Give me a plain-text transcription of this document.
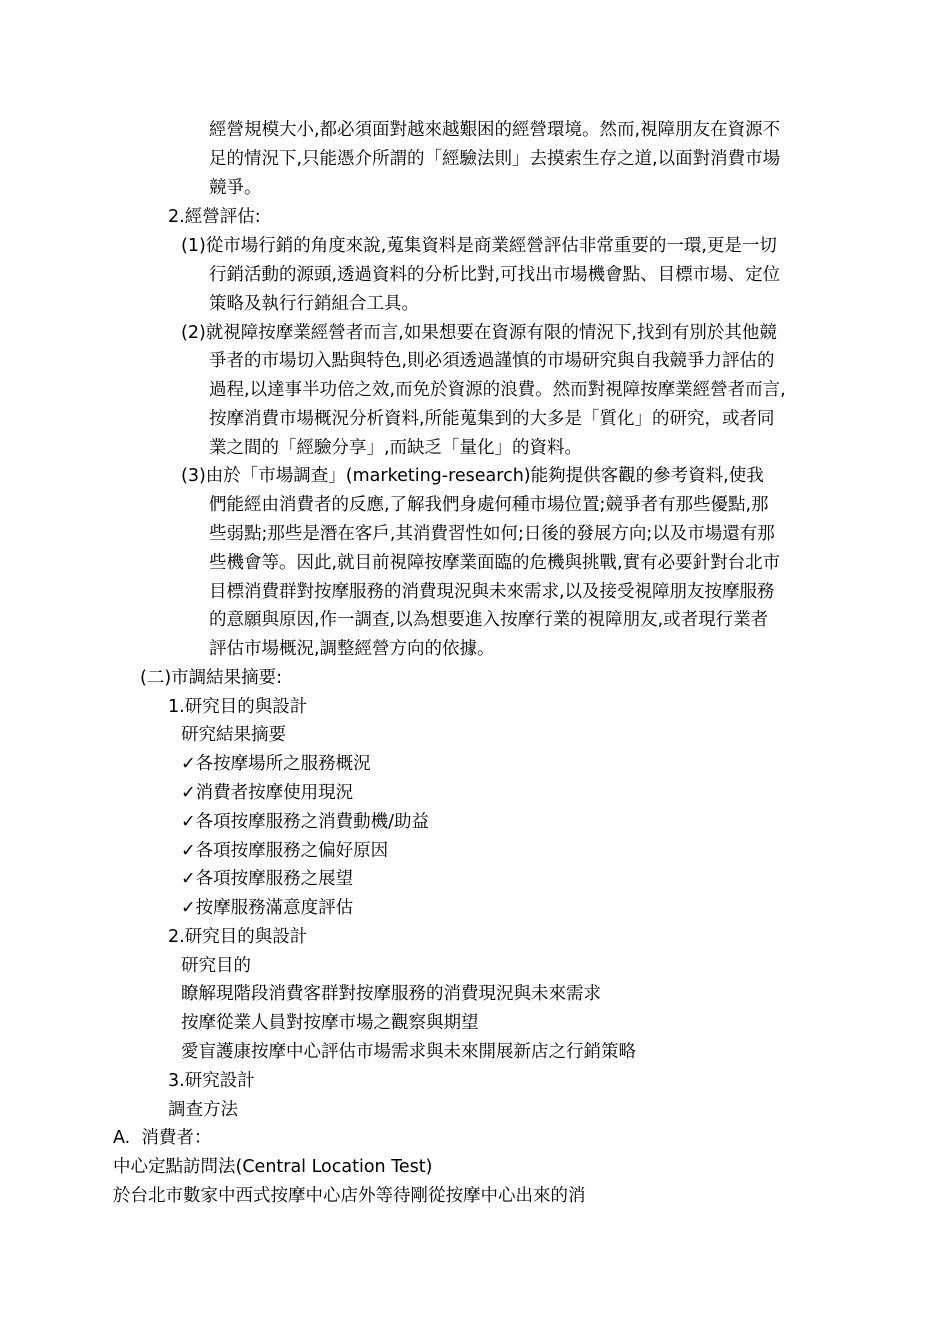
經營規模大小,都必須面對越來越艱困的經營環境。然而,視障朋友在資源不
足的情況下,只能憑介所謂的「經驗法則」去摸索生存之道,以面對消費市場
競爭。
2.經營評估:
(1)從市場行銷的角度來說,蒐集資料是商業經營評估非常重要的一環,更是一切
行銷活動的源頭,透過資料的分析比對,可找出市場機會點、目標市場、定位
策略及執行行銷組合工具。
(2)就視障按摩業經營者而言,如果想要在資源有限的情況下,找到有別於其他競
爭者的市場切入點與特色,則必須透過謹慎的市場研究與自我競爭力評估的
過程,以達事半功倍之效,而免於資源的浪費。然而對視障按摩業經營者而言,
按摩消費市場概況分析資料,所能蒐集到的大多是「質化」的研究，或者同
業之間的「經驗分享」,而缺乏「量化」的資料。
(3)由於「市場調查」(marketing-research)能夠提供客觀的參考資料,使我
們能經由消費者的反應,了解我們身處何種市場位置;競爭者有那些優點,那
些弱點;那些是潛在客戶,其消費習性如何;日後的發展方向;以及市場還有那
些機會等。因此,就目前視障按摩業面臨的危機與挑戰,實有必要針對台北市
目標消費群對按摩服務的消費現況與未來需求,以及接受視障朋友按摩服務
的意願與原因,作一調查,以為想要進入按摩行業的視障朋友,或者現行業者
評估市場概況,調整經營方向的依據。
(二)市調結果摘要:
1.研究目的與設計
研究結果摘要
✓各按摩場所之服務概況
✓消費者按摩使用現況
✓各項按摩服務之消費動機/助益
✓各項按摩服務之偏好原因
✓各項按摩服務之展望
✓按摩服務滿意度評估
2.研究目的與設計
研究目的
瞭解現階段消費客群對按摩服務的消費現況與未來需求
按摩從業人員對按摩市場之觀察與期望
愛盲護康按摩中心評估市場需求與未來開展新店之行銷策略
3.研究設計
調查方法
A.  消費者：
中心定點訪問法(Central Location Test)
於台北市數家中西式按摩中心店外等待剛從按摩中心出來的消
